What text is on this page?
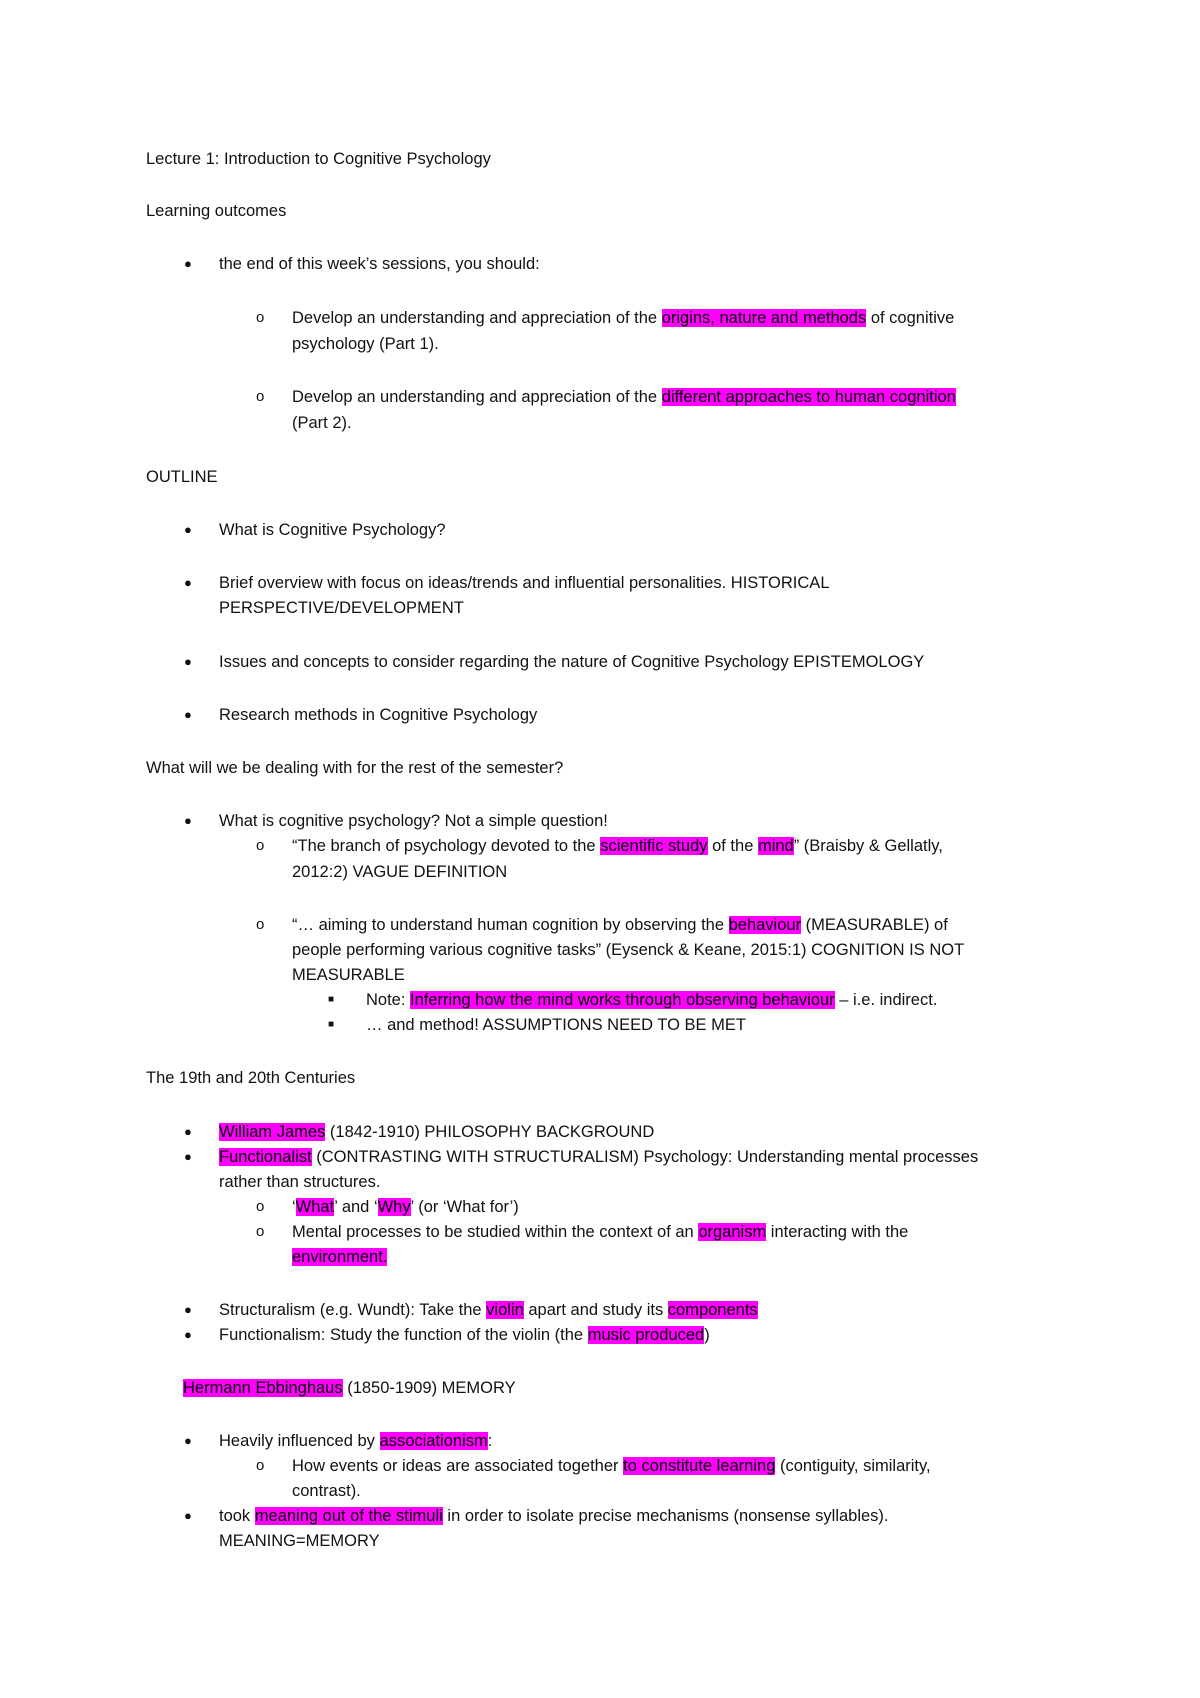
Lecture 1: Introduction to Cognitive Psychology
Learning outcomes
● the end of this week’s sessions, you should:
o Develop an understanding and appreciation of the origins, nature and methods of cognitive
psychology (Part 1).
o Develop an understanding and appreciation of the different approaches to human cognition
(Part 2).
OUTLINE
● What is Cognitive Psychology?
● Brief overview with focus on ideas/trends and influential personalities. HISTORICAL
PERSPECTIVE/DEVELOPMENT
● Issues and concepts to consider regarding the nature of Cognitive Psychology EPISTEMOLOGY
● Research methods in Cognitive Psychology
What will we be dealing with for the rest of the semester?
● What is cognitive psychology? Not a simple question!
o “The branch of psychology devoted to the scientific study of the mind” (Braisby & Gellatly,
2012:2) VAGUE DEFINITION
o “… aiming to understand human cognition by observing the behaviour (MEASURABLE) of
people performing various cognitive tasks” (Eysenck & Keane, 2015:1) COGNITION IS NOT
MEASURABLE
■ Note: Inferring how the mind works through observing behaviour – i.e. indirect.
■ … and method! ASSUMPTIONS NEED TO BE MET
The 19th and 20th Centuries
● William James (1842-1910) PHILOSOPHY BACKGROUND
● Functionalist (CONTRASTING WITH STRUCTURALISM) Psychology: Understanding mental processes
rather than structures.
o ‘What’ and ‘Why’ (or ‘What for’)
o Mental processes to be studied within the context of an organism interacting with the
environment.
● Structuralism (e.g. Wundt): Take the violin apart and study its components
● Functionalism: Study the function of the violin (the music produced)
Hermann Ebbinghaus (1850-1909) MEMORY
● Heavily influenced by associationism:
o How events or ideas are associated together to constitute learning (contiguity, similarity,
contrast).
● took meaning out of the stimuli in order to isolate precise mechanisms (nonsense syllables).
MEANING=MEMORY
